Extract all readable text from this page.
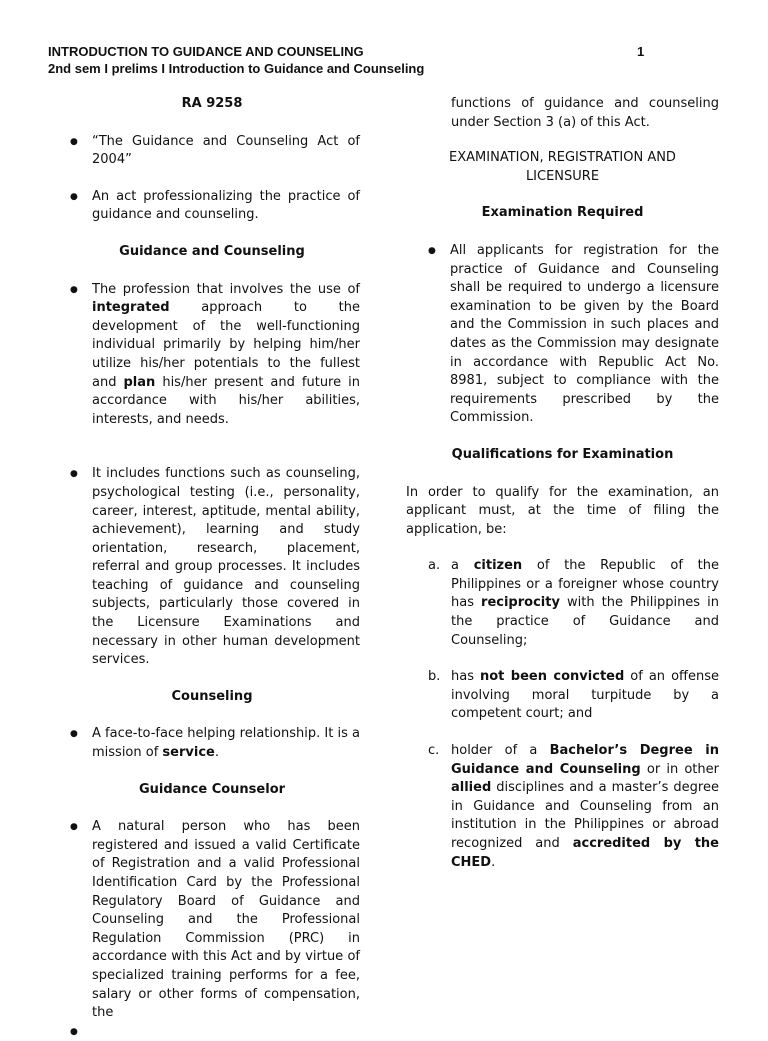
INTRODUCTION TO GUIDANCE AND COUNSELING	1
2nd sem I prelims I Introduction to Guidance and Counseling

RA 9258

● “The Guidance and Counseling Act of 2004”
● An act professionalizing the practice of guidance and counseling.

Guidance and Counseling

● The profession that involves the use of integrated approach to the development of the well-functioning individual primarily by helping him/her utilize his/her potentials to the fullest and plan his/her present and future in accordance with his/her abilities, interests, and needs.
● It includes functions such as counseling, psychological testing (i.e., personality, career, interest, aptitude, mental ability, achievement), learning and study orientation, research, placement, referral and group processes. It includes teaching of guidance and counseling subjects, particularly those covered in the Licensure Examinations and necessary in other human development services.

Counseling

● A face-to-face helping relationship. It is a mission of service.

Guidance Counselor

● A natural person who has been registered and issued a valid Certificate of Registration and a valid Professional Identification Card by the Professional Regulatory Board of Guidance and Counseling and the Professional Regulation Commission (PRC) in accordance with this Act and by virtue of specialized training performs for a fee, salary or other forms of compensation, the
●

functions of guidance and counseling under Section 3 (a) of this Act.

EXAMINATION, REGISTRATION AND LICENSURE

Examination Required

● All applicants for registration for the practice of Guidance and Counseling shall be required to undergo a licensure examination to be given by the Board and the Commission in such places and dates as the Commission may designate in accordance with Republic Act No. 8981, subject to compliance with the requirements prescribed by the Commission.

Qualifications for Examination

In order to qualify for the examination, an applicant must, at the time of filing the application, be:

a. a citizen of the Republic of the Philippines or a foreigner whose country has reciprocity with the Philippines in the practice of Guidance and Counseling;
b. has not been convicted of an offense involving moral turpitude by a competent court; and
c. holder of a Bachelor’s Degree in Guidance and Counseling or in other allied disciplines and a master’s degree in Guidance and Counseling from an institution in the Philippines or abroad recognized and accredited by the CHED.
